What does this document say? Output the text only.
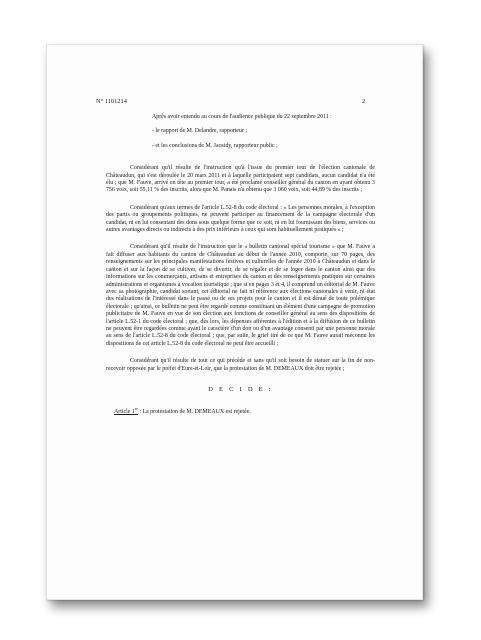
N° 1101214	2

Après avoir entendu au cours de l'audience publique du 22 septembre 2011 :

- le rapport de M. Delandre, rapporteur ;

- et les conclusions de M. Jaosidy, rapporteur public ;

Considérant qu'il résulte de l'instruction qu'à l'issue du premier tour de l'élection cantonale de Châteaudun, qui s'est déroulée le 20 mars 2011 et à laquelle participaient sept candidats, aucun candidat n'a été élu ; que M. Fauve, arrivé en tête au premier tour, a été proclamé conseiller général du canton en ayant obtenu 3 756 voix, soit 55,11 % des inscrits, alors que M. Panais n'a obtenu que 3 060 voix, soit 44,89 % des inscrits ;

Considérant qu'aux termes de l'article L.52-8 du code électoral : « Les personnes morales, à l'exception des partis ou groupements politiques, ne peuvent participer au financement de la campagne électorale d'un candidat, ni en lui consentant des dons sous quelque forme que ce soit, ni en lui fournissant des biens, services ou autres avantages directs ou indirects à des prix inférieurs à ceux qui sont habituellement pratiqués » ;

Considérant qu'il résulte de l'instruction que le « bulletin cantonal spécial tourisme » que M. Fauve a fait diffuser aux habitants du canton de Châteaudun au début de l'année 2010, comporte, sur 70 pages, des renseignements sur les principales manifestations festives et culturelles de l'année 2010 à Châteaudun et dans le canton et sur la façon de se cultiver, de se divertir, de se régaler et de se loger dans le canton ainsi que des informations sur les commerçants, artisans et entreprises du canton et des renseignements pratiques sur certaines administrations et organismes à vocation touristique ; que si en pages 3 et 4, il comprend un éditorial de M. Fauve avec sa photographie, candidat sortant, cet éditorial ne fait ni référence aux élections cantonales à venir, ni état des réalisations de l'intéressé dans le passé ou de ses projets pour le canton et il est dénué de toute polémique électorale ; qu'ainsi, ce bulletin ne peut être regardé comme constituant un élément d'une campagne de promotion publicitaire de M. Fauve en vue de son élection aux fonctions de conseiller général au sens des dispositions de l'article L.52-1 du code électoral ; que, dès lors, les dépenses afférentes à l'édition et à la diffusion de ce bulletin ne peuvent être regardées comme ayant le caractère d'un don ou d'un avantage consenti par une personne morale au sens de l'article L.52-8 du code électoral ; que, par suite, le grief tiré de ce que M. Fauve aurait méconnu les dispositions de cet article L.52-8 du code électoral ne peut être accueilli ;

Considérant qu'il résulte de tout ce qui précède et sans qu'il soit besoin de statuer sur la fin de non-recevoir opposée par le préfet d'Eure-et-Loir, que la protestation de M. DEMEAUX doit être rejetée ;

D E C I D E :

Article 1er : La protestation de M. DEMEAUX est rejetée.
